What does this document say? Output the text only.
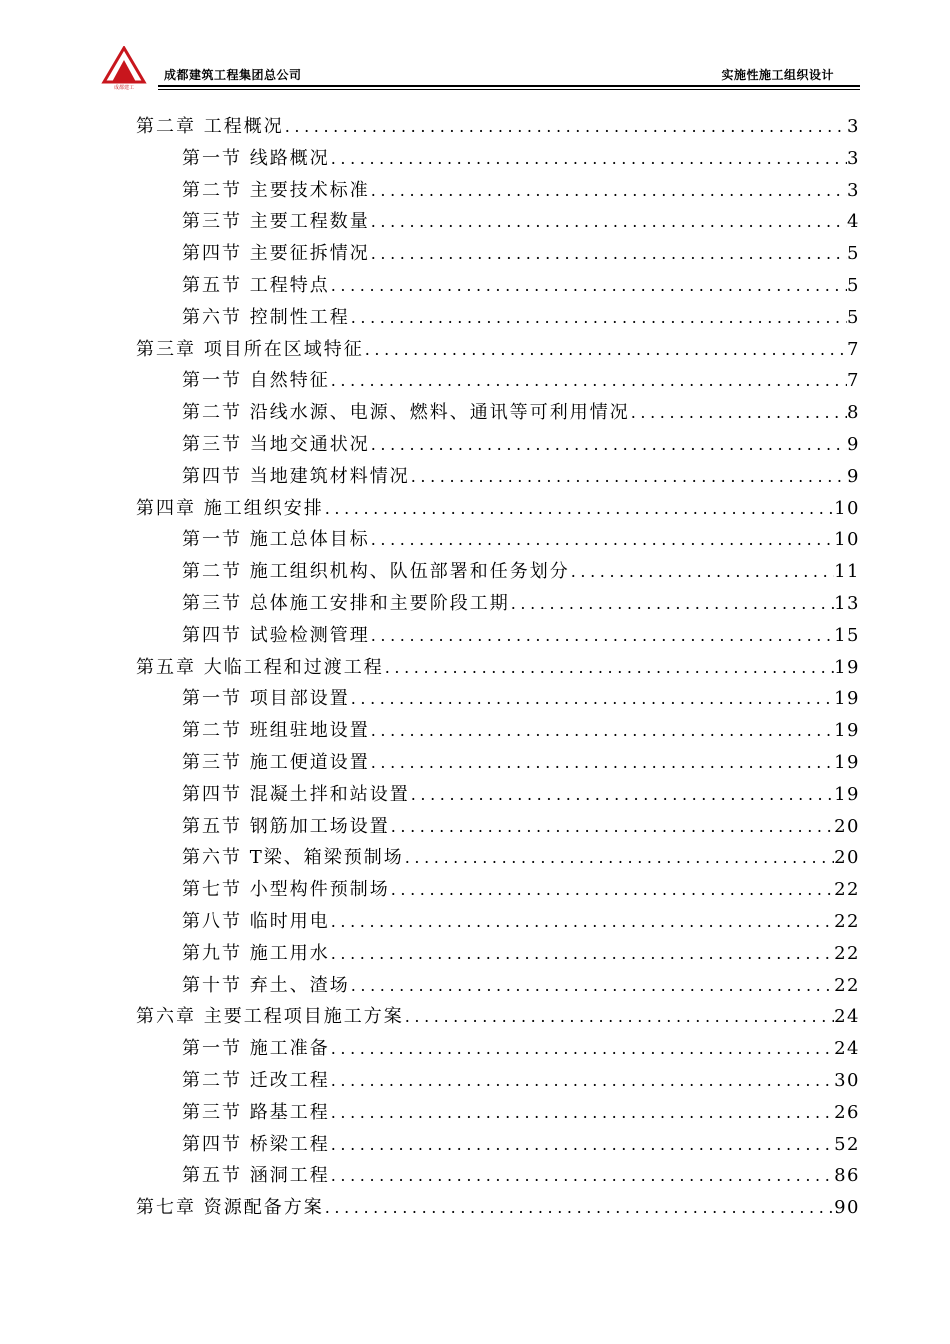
成都建工
成都建筑工程集团总公司	实施性施工组织设计
第二章 工程概况 .....	3
第一节 线路概况 .....	3
第二节 主要技术标准 .....	3
第三节 主要工程数量 .....	4
第四节 主要征拆情况 .....	5
第五节 工程特点 .....	5
第六节 控制性工程 .....	5
第三章 项目所在区域特征 .....	7
第一节 自然特征 .....	7
第二节 沿线水源、电源、燃料、通讯等可利用情况 .....	8
第三节 当地交通状况 .....	9
第四节 当地建筑材料情况 .....	9
第四章 施工组织安排 .....	10
第一节 施工总体目标 .....	10
第二节 施工组织机构、队伍部署和任务划分 .....	11
第三节 总体施工安排和主要阶段工期 .....	13
第四节 试验检测管理 .....	15
第五章 大临工程和过渡工程 .....	19
第一节 项目部设置 .....	19
第二节 班组驻地设置 .....	19
第三节 施工便道设置 .....	19
第四节 混凝土拌和站设置 .....	19
第五节 钢筋加工场设置 .....	20
第六节 T梁、箱梁预制场 .....	20
第七节 小型构件预制场 .....	22
第八节 临时用电 .....	22
第九节 施工用水 .....	22
第十节 弃土、渣场 .....	22
第六章 主要工程项目施工方案 .....	24
第一节 施工准备 .....	24
第二节 迁改工程 .....	30
第三节 路基工程 .....	26
第四节 桥梁工程 .....	52
第五节 涵洞工程 .....	86
第七章 资源配备方案 .....	90
